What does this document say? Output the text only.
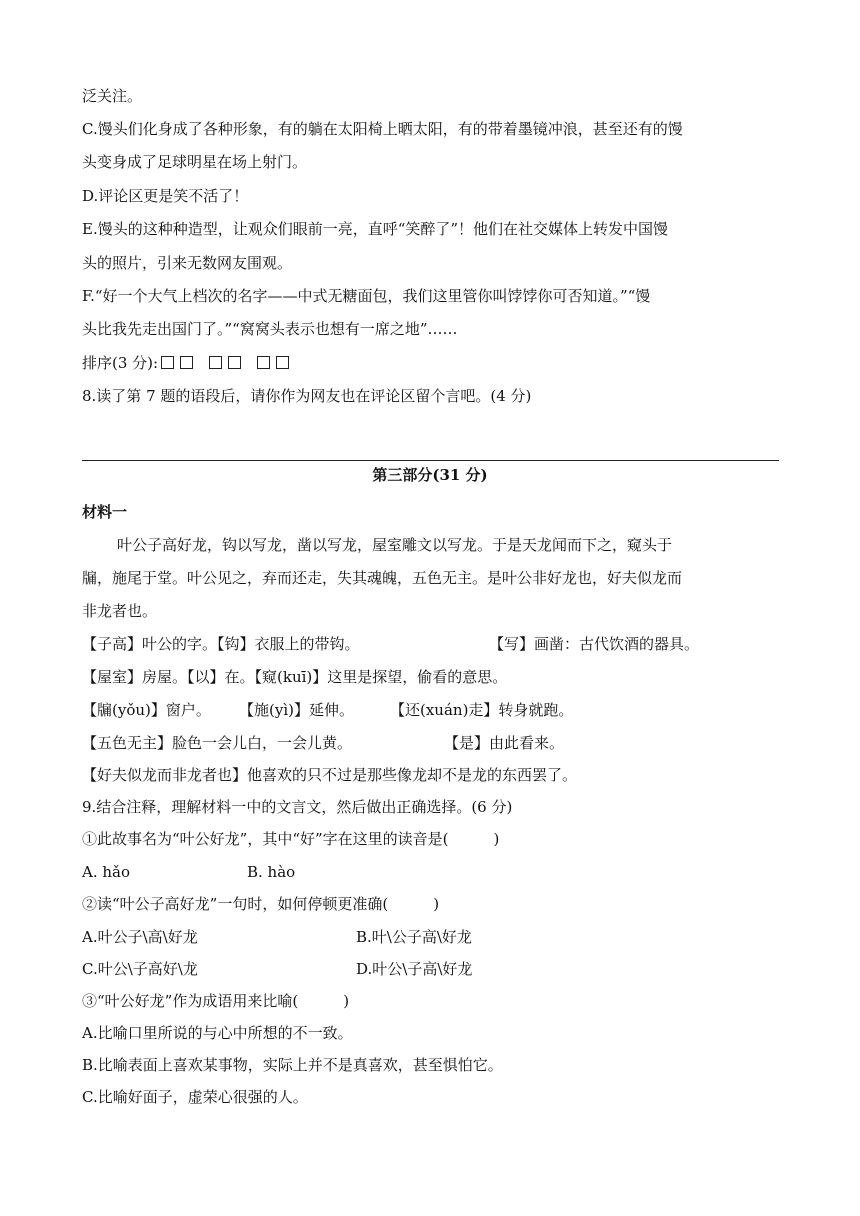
泛关注。
C.馒头们化身成了各种形象，有的躺在太阳椅上晒太阳，有的带着墨镜冲浪，甚至还有的馒
头变身成了足球明星在场上射门。
D.评论区更是笑不活了！
E.馒头的这种种造型，让观众们眼前一亮，直呼“笑醉了”！他们在社交媒体上转发中国馒
头的照片，引来无数网友围观。
F.“好一个大气上档次的名字——中式无糖面包，我们这里管你叫饽饽你可否知道。”“馒
头比我先走出国门了。”“窝窝头表示也想有一席之地”……
排序(3 分):
8.读了第 7 题的语段后，请你作为网友也在评论区留个言吧。(4 分)
第三部分(31 分)
材料一
叶公子高好龙，钩以写龙，凿以写龙，屋室雕文以写龙。于是天龙闻而下之，窥头于
牖，施尾于堂。叶公见之，弃而还走，失其魂魄，五色无主。是叶公非好龙也，好夫似龙而
非龙者也。
【子高】叶公的字。【钩】衣服上的带钩。	【写】画凿：古代饮酒的器具。
【屋室】房屋。【以】在。【窥(kuī)】这里是探望，偷看的意思。
【牖(yǒu)】窗户。 【施(yì)】延伸。 【还(xuán)走】转身就跑。
【五色无主】脸色一会儿白，一会儿黄。	【是】由此看来。
【好夫似龙而非龙者也】他喜欢的只不过是那些像龙却不是龙的东西罢了。
9.结合注释，理解材料一中的文言文，然后做出正确选择。(6 分)
①此故事名为“叶公好龙”，其中“好”字在这里的读音是(　　　)
A. hǎo	B. hào
②读“叶公子高好龙”一句时，如何停顿更准确(　　　)
A.叶公子\高\好龙	B.叶\公子高\好龙
C.叶公\子高好\龙	D.叶公\子高\好龙
③“叶公好龙”作为成语用来比喻(　　　)
A.比喻口里所说的与心中所想的不一致。
B.比喻表面上喜欢某事物，实际上并不是真喜欢，甚至惧怕它。
C.比喻好面子，虚荣心很强的人。
